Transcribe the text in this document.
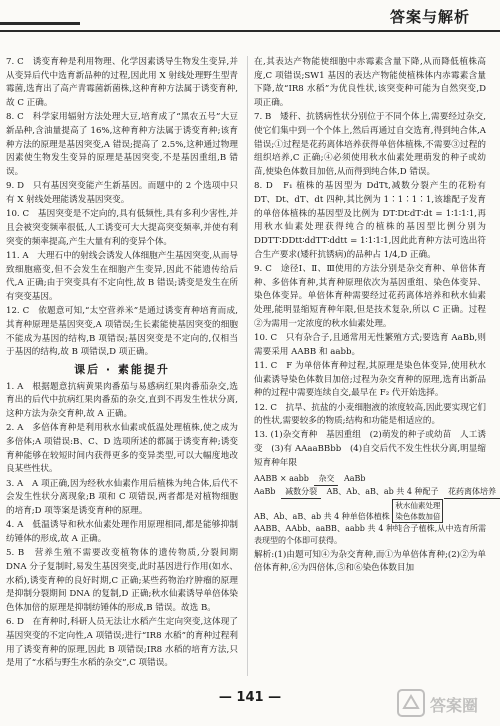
答案与解析

7. C　诱变育种是利用物理、化学因素诱导生物发生变异,并从变异后代中选育新品种的过程,因此用 X 射线处理野生型青霉菌,选育出了高产青霉菌新菌株,这种育种方法属于诱变育种,故 C 正确。

8. C　科学家用辐射方法处理大豆,培育成了“黑农五号”大豆新品种,含油量提高了 16%,这种育种方法属于诱变育种;该育种方法的原理是基因突变,A 错误;提高了 2.5%,这种通过物理因素使生物发生变异的原理是基因突变,不是基因重组,B 错误。

9. D　只有基因突变能产生新基因。而题中的 2 个选项中只有 X 射线处理能诱发基因突变。

10. C　基因突变是不定向的,具有低频性,具有多利少害性,并且会被突变频率很低,人工诱变可大大提高突变频率,并使有利突变的频率提高,产生大量有利的变异个体。

11. A　大理石中的射线会诱发人体细胞产生基因突变,从而导致细胞癌变,但不会发生在细胞产生变异,因此不能遗传给后代,A 正确;由于突变具有不定向性,故 B 错误;诱变是发生在所有突变基因。

12. C　依题意可知,“太空营养米”是通过诱变育种培育而成,其育种原理是基因突变,A 项错误;生长素能使基因突变的细胞不能成为基因的结构,B 项错误;基因突变是不定向的,仅相当于基因的结构,故 B 项错误,D 项正确。

课后 · 素能提升

1. A　根据题意抗病黄果肉番茄与易感病红果肉番茄杂交,选育出的后代中抗病红果肉番茄的杂交,直到不再发生性状分离,这种方法为杂交育种,故 A 正确。

2. A　多倍体育种是利用秋水仙素或低温处理植株,使之成为多倍体;A 项错误:B、C、D 选项所述的都属于诱变育种;诱变育种能够在较短时间内获得更多的变异类型,可以大幅度地改良某些性状。

3. A　A 项正确,因为经秋水仙素作用后植株为纯合体,后代不会发生性状分离现象;B 项和 C 项错误,两者都是对植物细胞的培育;D 项等案是诱变育种的原理。

4. A　低温诱导和秋水仙素处理作用原理相同,都是能够抑制纺锤体的形成,故 A 正确。

5. B　营养生殖不需要改变植物体的遗传物质,分裂间期 DNA 分子复制时,易发生基因突变,此时基因进行作用(如水、水稻),诱变育种的良好时期,C 正确;某些药物治疗肿瘤的原理是抑制分裂期间 DNA 的复制,D 正确;秋水仙素诱导单倍体染色体加倍的原理是抑制纺锤体的形成,B 错误。故选 B。

6. D　在育种时,科研人员无法让水稻产生定向突变,这体现了基因突变的不定向性,A 项错误;进行“IR8 水稻”的育种过程利用了诱变育种的原理,因此 B 项错误;IR8 水稻的培育方法,只是用了“水稻与野生水稻的杂交”,C 项错误。

在,其表达产物能使细胞中赤霉素含量下降,从而降低植株高度,C 项错误;SW1 基因的表达产物能使植株体内赤霉素含量下降,故“IR8 水稻”为优良性状,该突变种可能为自然突变,D 项正确。

7. B　矮秆、抗锈病性状分别位于不同个体上,需要经过杂交,使它们集中到一个个体上,然后再通过自交选育,得到纯合体,A 错误;①过程是花药离体培养获得单倍体植株,不需要③过程的组织培养,C 正确;④必须使用秋水仙素处理萌发的种子或幼苗,使染色体数目加倍,从而得到纯合体,D 错误。

8. D　F₁ 植株的基因型为 DdTt,减数分裂产生的花粉有 DT、Dt、dT、dt 四种,其比例为 1∶1∶1∶1,该雄配子发育的单倍体植株的基因型及比例为 DT∶Dt∶dT∶dt = 1∶1∶1∶1,再用秋水仙素处理获得纯合的植株的基因型比例分别为 DDTT∶DDtt∶ddTT∶ddtt = 1∶1∶1∶1,因此此育种方法可选出符合生产要求(矮秆抗锈病)的品种占 1/4,D 正确。

9. C　途径Ⅰ、Ⅱ、Ⅲ使用的方法分别是杂交育种、单倍体育种、多倍体育种,其育种原理依次为基因重组、染色体变异、染色体变异。单倍体育种需要经过花药离体培养和秋水仙素处理,能明显缩短育种年限,但是技术复杂,所以 C 正确。过程②为需用一定浓度的秋水仙素处理。

10. C　只有杂合子,且通常用无性繁殖方式;要选育 AaBb,则需要采用 AABB 和 aabb。

11. C　F 为单倍体育种过程,其原理是染色体变异,使用秋水仙素诱导染色体数目加倍;过程为杂交育种的原理,选育出新品种的过程中需要连续自交,最早在 F₂ 代开始选择。

12. C　抗旱、抗盐的小麦细胞液的浓度较高,因此要实现它们的性状,需要较多的物质;结构和功能是相适应的。

13. (1)杂交育种　基因重组　(2)萌发的种子或幼苗　人工诱变　(3)有 AAaaBBbb　(4)自交后代不发生性状分离,明显缩短育种年限

AABB × aabb 杂交 AaBb
AaBb 减数分裂 AB、Ab、aB、ab 共 4 种配子 花药离体培养
AB、Ab、aB、ab 共 4 种单倍体植株 秋水仙素处理
染色体数加倍

AABB、AAbb、aaBB、aabb 共 4 种纯合子植株,从中选育所需表现型的个体即可获得。

解析:(1)由题可知④为杂交育种,而①为单倍体育种;(2)②为单倍体育种,⑥为四倍体,⑤和⑥染色体数目加

— 141 —	答案圈
